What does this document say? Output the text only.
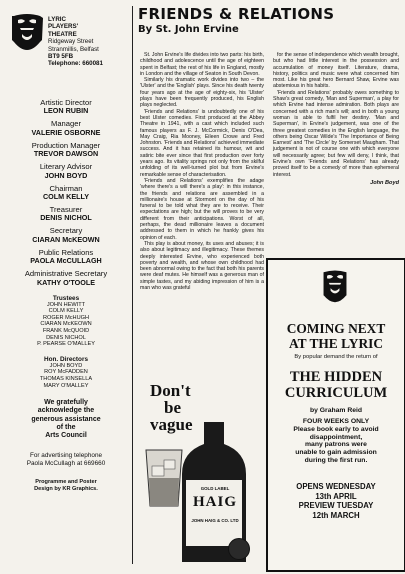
LYRIC
PLAYERS'
THEATRE
Ridgeway Street
Stranmillis, Belfast
BT9 5FB
Telephone: 660081
Artistic Director
LEON RUBIN
Manager
VALERIE OSBORNE
Production Manager
TREVOR DAWSON
Literary Advisor
JOHN BOYD
Chairman
COLM KELLY
Treasurer
DENIS NICHOL
Secretary
CIARAN McKEOWN
Public Relations
PAOLA McCULLAGH
Administrative Secretary
KATHY O'TOOLE
Trustees
JOHN HEWITT
COLM KELLY
ROGER McHUGH
CIARAN McKEOWN
FRANK McQUOID
DENIS NICHOL
P. PEARSE O'MALLEY
Hon. Directors
JOHN BOYD
ROY McFADDEN
THOMAS KINSELLA
MARY O'MALLEY
We gratefully
acknowledge the
generous assistance
of the
Arts Council
For advertising telephone
Paola McCullagh at 669660
Programme and Poster
Design by KR Graphics.
FRIENDS & RELATIONS
By St. John Ervine

St. John Ervine's life divides into two parts: his birth, childhood and adolescence until the age of eighteen spent in Belfast; the rest of his life in England, mostly in London and the village of Seaton in South Devon.

Similarly his dramatic work divides into two – the 'Ulster' and the 'English' plays. Since his death twenty four years ago at the age of eighty-six, his 'Ulster' plays have been frequently produced, his English plays neglected.

'Friends and Relations' is undoubtedly one of his best Ulster comedies. First produced at the Abbey Theatre in 1941, with a cast which included such famous players as F. J. McCormick, Denis O'Dea, May Craig, Ria Mooney, Eileen Crowe and Fred Johnston. 'Friends and Relations' achieved immediate success. And it has retained its humour, wit and satiric bite ever since that first production over forty years ago. Its vitality springs not only from the skilful unfolding of its well-turned plot but from Ervine's remarkable sense of characterisation.

'Friends and Relations' exemplifies the adage 'where there's a will there's a play': in this instance, the friends and relations are assembled in a millionaire's house at Stormont on the day of his funeral to be told what they are to receive. Their expectations are high; but the will proves to be very different from their anticipations. Worst of all, perhaps, the dead millionaire leaves a document addressed to them in which he frankly gives his opinion of each.

This play is about money, its uses and abuses; it is also about legitimacy and illegitimacy. These themes deeply interested Ervine, who experienced both poverty and wealth, and whose own childhood had been abnormal owing to the fact that both his parents were deaf mutes. He himself was a generous man of simple tastes, and my abiding impression of him is a man who was grateful

for the sense of independence which wealth brought, but who had little interest in the possession and accumulation of money itself. Literature, drama, history, politics and music were what concerned him most. Like his great hero Bernard Shaw, Ervine was abstemious in his habits.

'Friends and Relations' probably owes something to Shaw's great comedy, 'Man and Superman', a play for which Ervine had intense admiration. Both plays are concerned with a rich man's will; and in both a young woman is able to fulfil her destiny. 'Man and Superman', in Ervine's judgement, was one of the three greatest comedies in the English language, the others being Oscar Wilde's 'The Importance of Being Earnest' and 'The Circle' by Somerset Maugham. That judgement is not of course one with which everyone will necessarily agree; but few will deny, I think, that Ervine's own 'Friends and Relations' has already proved itself to be a comedy of more than ephemeral interest.

John Boyd
Don't
be
vague
GOLD LABEL
HAIG
JOHN HAIG & CO. LTD
COMING NEXT
AT THE LYRIC
By popular demand the return of
THE HIDDEN
CURRICULUM
by Graham Reid
FOUR WEEKS ONLY
Please book early to avoid
disappointment,
many patrons were
unable to gain admission
during the first run.
OPENS WEDNESDAY
13th APRIL
PREVIEW TUESDAY
12th MARCH
